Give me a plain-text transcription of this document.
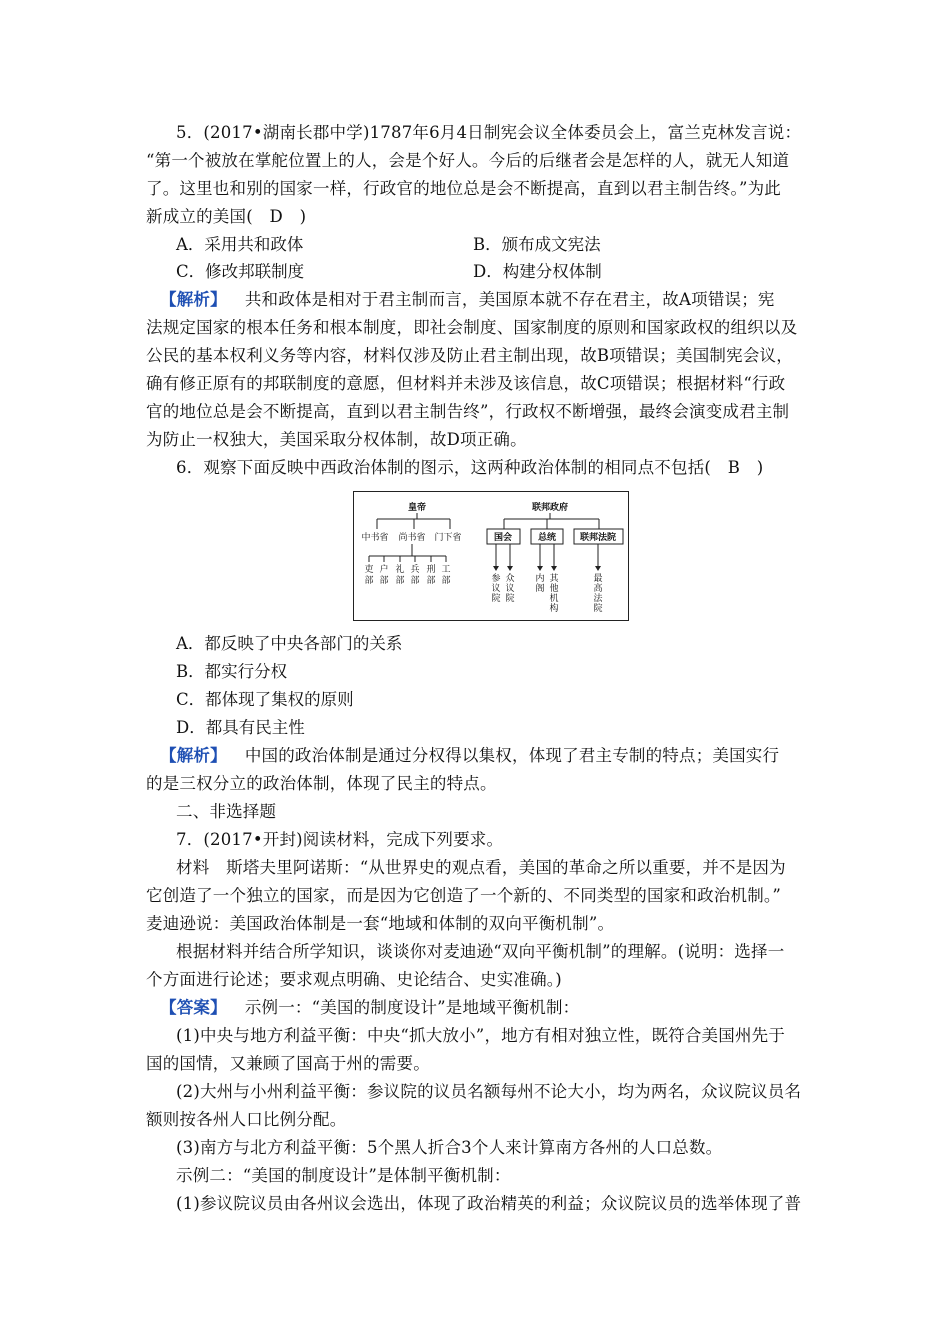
5．(2017•湖南长郡中学)1787年6月4日制宪会议全体委员会上，富兰克林发言说：
“第一个被放在掌舵位置上的人，会是个好人。今后的后继者会是怎样的人，就无人知道
了。这里也和别的国家一样，行政官的地位总是会不断提高，直到以君主制告终。”为此
新成立的美国(　D　)
A．采用共和政体	B．颁布成文宪法
C．修改邦联制度	D．构建分权体制
【解析】 共和政体是相对于君主制而言，美国原本就不存在君主，故A项错误；宪
法规定国家的根本任务和根本制度，即社会制度、国家制度的原则和国家政权的组织以及
公民的基本权利义务等内容，材料仅涉及防止君主制出现，故B项错误；美国制宪会议，
确有修正原有的邦联制度的意愿，但材料并未涉及该信息，故C项错误；根据材料“行政
官的地位总是会不断提高，直到以君主制告终”，行政权不断增强，最终会演变成君主制
为防止一权独大，美国采取分权体制，故D项正确。
6．观察下面反映中西政治体制的图示，这两种政治体制的相同点不包括(　B　)
皇帝
中书省 尚书省 门下省
吏部
户部
礼部
兵部
刑部
工部
联邦政府
国会	总统	联邦法院
参议院
众议院
内阁
其他机构
最高法院
A．都反映了中央各部门的关系
B．都实行分权
C．都体现了集权的原则
D．都具有民主性
【解析】 中国的政治体制是通过分权得以集权，体现了君主专制的特点；美国实行
的是三权分立的政治体制，体现了民主的特点。
二、非选择题
7．(2017•开封)阅读材料，完成下列要求。
材料　斯塔夫里阿诺斯：“从世界史的观点看，美国的革命之所以重要，并不是因为
它创造了一个独立的国家，而是因为它创造了一个新的、不同类型的国家和政治机制。”
麦迪逊说：美国政治体制是一套“地域和体制的双向平衡机制”。
根据材料并结合所学知识，谈谈你对麦迪逊“双向平衡机制”的理解。(说明：选择一
个方面进行论述；要求观点明确、史论结合、史实准确。)
【答案】 示例一：“美国的制度设计”是地域平衡机制：
(1)中央与地方利益平衡：中央“抓大放小”，地方有相对独立性，既符合美国州先于
国的国情，又兼顾了国高于州的需要。
(2)大州与小州利益平衡：参议院的议员名额每州不论大小，均为两名，众议院议员名
额则按各州人口比例分配。
(3)南方与北方利益平衡：5个黑人折合3个人来计算南方各州的人口总数。
示例二：“美国的制度设计”是体制平衡机制：
(1)参议院议员由各州议会选出，体现了政治精英的利益；众议院议员的选举体现了普
